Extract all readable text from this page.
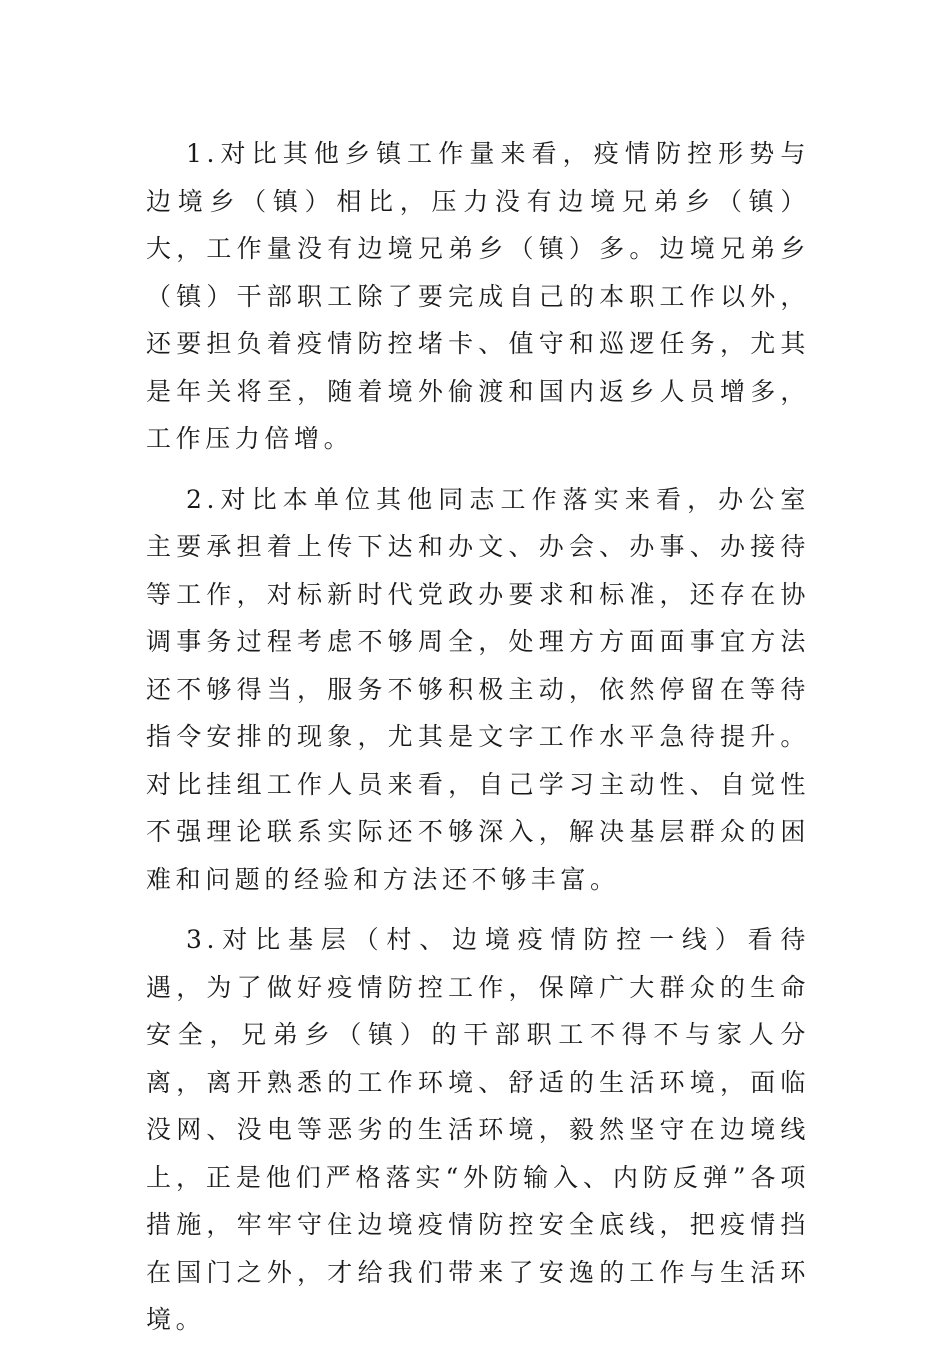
1.对比其他乡镇工作量来看，疫情防控形势与边境乡（镇）相比，压力没有边境兄弟乡（镇）大，工作量没有边境兄弟乡（镇）多。边境兄弟乡（镇）干部职工除了要完成自己的本职工作以外，还要担负着疫情防控堵卡、值守和巡逻任务，尤其是年关将至，随着境外偷渡和国内返乡人员增多，工作压力倍增。

2.对比本单位其他同志工作落实来看，办公室主要承担着上传下达和办文、办会、办事、办接待等工作，对标新时代党政办要求和标准，还存在协调事务过程考虑不够周全，处理方方面面事宜方法还不够得当，服务不够积极主动，依然停留在等待指令安排的现象，尤其是文字工作水平急待提升。对比挂组工作人员来看，自己学习主动性、自觉性不强理论联系实际还不够深入，解决基层群众的困难和问题的经验和方法还不够丰富。

3.对比基层（村、边境疫情防控一线）看待遇，为了做好疫情防控工作，保障广大群众的生命安全，兄弟乡（镇）的干部职工不得不与家人分离，离开熟悉的工作环境、舒适的生活环境，面临没网、没电等恶劣的生活环境，毅然坚守在边境线上，正是他们严格落实“外防输入、内防反弹”各项措施，牢牢守住边境疫情防控安全底线，把疫情挡在国门之外，才给我们带来了安逸的工作与生活环境。
